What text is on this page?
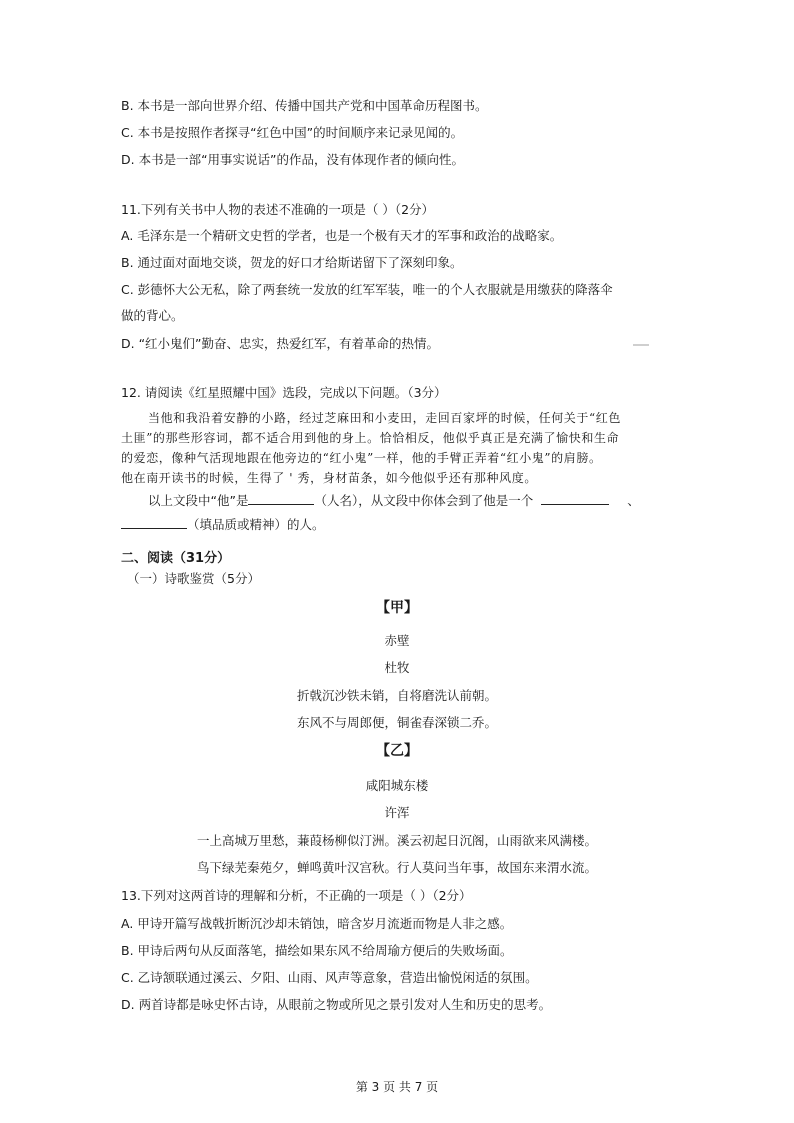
B. 本书是一部向世界介绍、传播中国共产党和中国革命历程图书。
C. 本书是按照作者探寻“红色中国”的时间顺序来记录见闻的。
D. 本书是一部“用事实说话”的作品，没有体现作者的倾向性。
11.下列有关书中人物的表述不准确的一项是（ ）（2分）
A. 毛泽东是一个精研文史哲的学者，也是一个极有天才的军事和政治的战略家。
B. 通过面对面地交谈，贺龙的好口才给斯诺留下了深刻印象。
C. 彭德怀大公无私，除了两套统一发放的红军军装，唯一的个人衣服就是用缴获的降落伞
做的背心。
D. “红小鬼们”勤奋、忠实，热爱红军，有着革命的热情。
12. 请阅读《红星照耀中国》选段，完成以下问题。（3分）
当他和我沿着安静的小路，经过芝麻田和小麦田，走回百家坪的时候，任何关于“红色
土匪”的那些形容词，都不适合用到他的身上。恰恰相反，他似乎真正是充满了愉快和生命
的爱恋，像种气活现地跟在他旁边的“红小鬼”一样，他的手臂正弄着“红小鬼”的肩膀。
他在南开读书的时候，生得了 ' 秀，身材苗条，如今他似乎还有那种风度。
以上文段中“他”是	（人名），从文段中你体会到了他是一个	、
（填品质或精神）的人。
二、阅读（31分）
（一）诗歌鉴赏（5分）
【甲】
赤壁
杜牧
折戟沉沙铁未销，自将磨洗认前朝。
东风不与周郎便，铜雀春深锁二乔。
【乙】
咸阳城东楼
许浑
一上高城万里愁，蒹葭杨柳似汀洲。溪云初起日沉阁，山雨欲来风满楼。
鸟下绿芜秦苑夕，蝉鸣黄叶汉宫秋。行人莫问当年事，故国东来渭水流。
13.下列对这两首诗的理解和分析，不正确的一项是（ ）（2分）
A. 甲诗开篇写战戟折断沉沙却未销蚀，暗含岁月流逝而物是人非之感。
B. 甲诗后两句从反面落笔，描绘如果东风不给周瑜方便后的失败场面。
C. 乙诗颔联通过溪云、夕阳、山雨、风声等意象，营造出愉悦闲适的氛围。
D. 两首诗都是咏史怀古诗，从眼前之物或所见之景引发对人生和历史的思考。
第 3 页 共 7 页
